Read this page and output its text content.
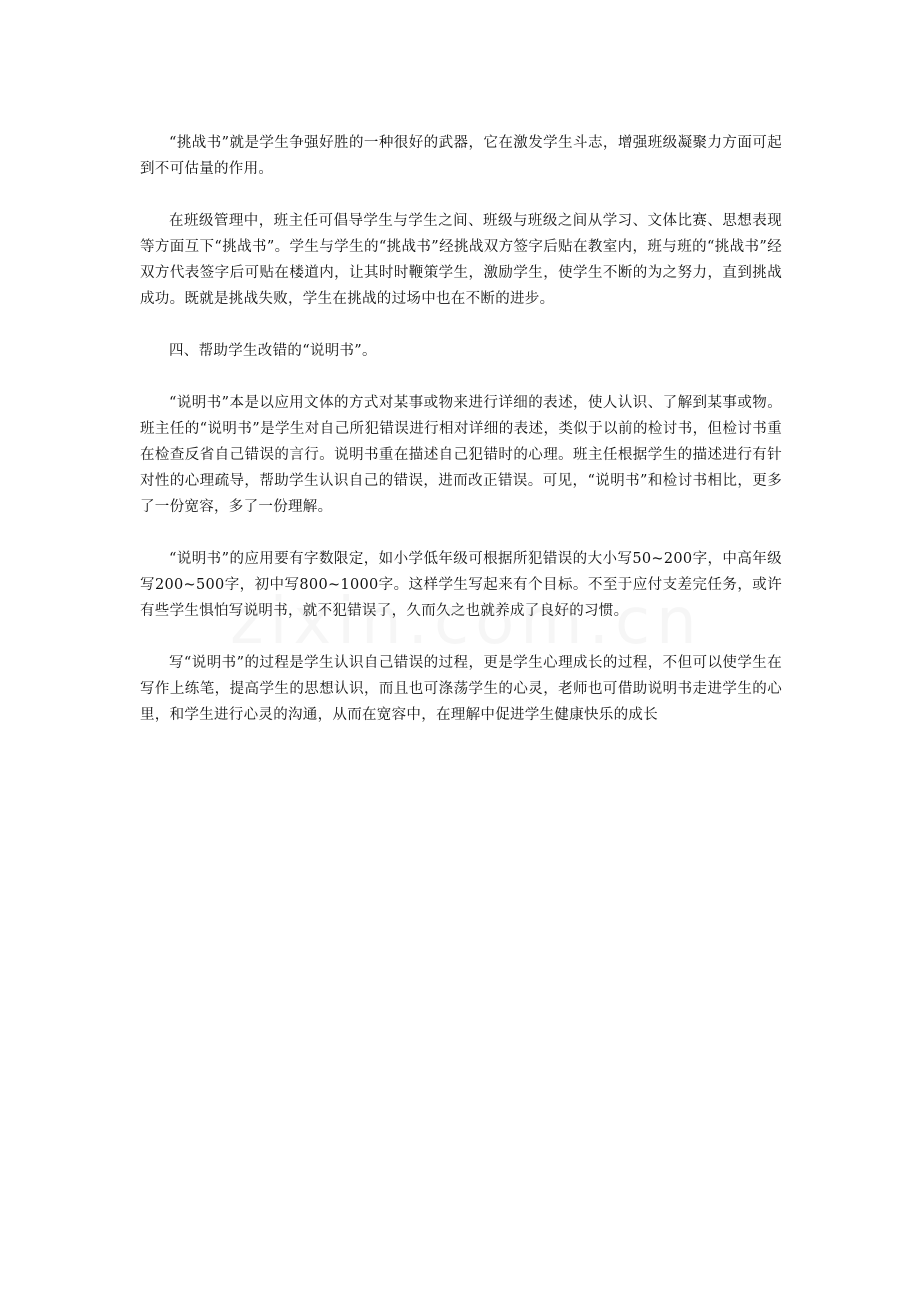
“挑战书”就是学生争强好胜的一种很好的武器，它在激发学生斗志，增强班级凝聚力方面可起到不可估量的作用。

在班级管理中，班主任可倡导学生与学生之间、班级与班级之间从学习、文体比赛、思想表现等方面互下“挑战书”。学生与学生的“挑战书”经挑战双方签字后贴在教室内，班与班的“挑战书”经双方代表签字后可贴在楼道内，让其时时鞭策学生，激励学生，使学生不断的为之努力，直到挑战成功。既就是挑战失败，学生在挑战的过场中也在不断的进步。

四、帮助学生改错的“说明书”。

“说明书”本是以应用文体的方式对某事或物来进行详细的表述，使人认识、了解到某事或物。班主任的“说明书”是学生对自己所犯错误进行相对详细的表述，类似于以前的检讨书，但检讨书重在检查反省自己错误的言行。说明书重在描述自己犯错时的心理。班主任根据学生的描述进行有针对性的心理疏导，帮助学生认识自己的错误，进而改正错误。可见，“说明书”和检讨书相比，更多了一份宽容，多了一份理解。

“说明书”的应用要有字数限定，如小学低年级可根据所犯错误的大小写50~200字，中高年级写200~500字，初中写800~1000字。这样学生写起来有个目标。不至于应付支差完任务，或许有些学生惧怕写说明书，就不犯错误了，久而久之也就养成了良好的习惯。

写“说明书”的过程是学生认识自己错误的过程，更是学生心理成长的过程，不但可以使学生在写作上练笔，提高学生的思想认识，而且也可涤荡学生的心灵，老师也可借助说明书走进学生的心里，和学生进行心灵的沟通，从而在宽容中，在理解中促进学生健康快乐的成长
